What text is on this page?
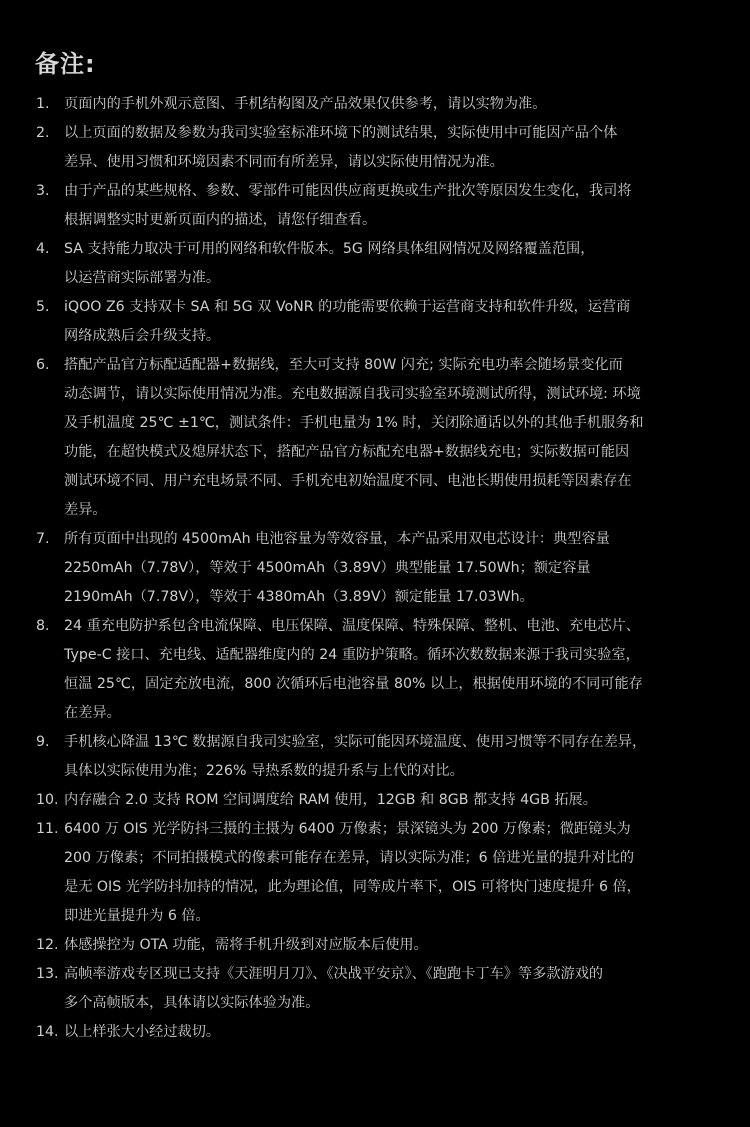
备注:
1.	页面内的手机外观示意图、手机结构图及产品效果仅供参考，请以实物为准。
2.	以上页面的数据及参数为我司实验室标准环境下的测试结果，实际使用中可能因产品个体
差异、使用习惯和环境因素不同而有所差异，请以实际使用情况为准。
3.	由于产品的某些规格、参数、零部件可能因供应商更换或生产批次等原因发生变化，我司将
根据调整实时更新页面内的描述，请您仔细查看。
4.	SA 支持能力取决于可用的网络和软件版本。5G 网络具体组网情况及网络覆盖范围，
以运营商实际部署为准。
5.	iQOO Z6 支持双卡 SA 和 5G 双 VoNR 的功能需要依赖于运营商支持和软件升级，运营商
网络成熟后会升级支持。
6.	搭配产品官方标配适配器+数据线，至大可支持 80W 闪充; 实际充电功率会随场景变化而
动态调节，请以实际使用情况为准。充电数据源自我司实验室环境测试所得，测试环境: 环境
及手机温度 25℃ ±1℃，测试条件：手机电量为 1% 时，关闭除通话以外的其他手机服务和
功能，在超快模式及熄屏状态下，搭配产品官方标配充电器+数据线充电；实际数据可能因
测试环境不同、用户充电场景不同、手机充电初始温度不同、电池长期使用损耗等因素存在
差异。
7.	所有页面中出现的 4500mAh 电池容量为等效容量，本产品采用双电芯设计：典型容量
2250mAh（7.78V），等效于 4500mAh（3.89V）典型能量 17.50Wh；额定容量
2190mAh（7.78V），等效于 4380mAh（3.89V）额定能量 17.03Wh。
8.	24 重充电防护系包含电流保障、电压保障、温度保障、特殊保障、整机、电池、充电芯片、
Type-C 接口、充电线、适配器维度内的 24 重防护策略。循环次数数据来源于我司实验室，
恒温 25℃，固定充放电流，800 次循环后电池容量 80% 以上，根据使用环境的不同可能存
在差异。
9.	手机核心降温 13℃ 数据源自我司实验室，实际可能因环境温度、使用习惯等不同存在差异，
具体以实际使用为准；226% 导热系数的提升系与上代的对比。
10. 内存融合 2.0 支持 ROM 空间调度给 RAM 使用，12GB 和 8GB 都支持 4GB 拓展。
11. 6400 万 OIS 光学防抖三摄的主摄为 6400 万像素；景深镜头为 200 万像素；微距镜头为
200 万像素；不同拍摄模式的像素可能存在差异，请以实际为准；6 倍进光量的提升对比的
是无 OIS 光学防抖加持的情况，此为理论值，同等成片率下，OIS 可将快门速度提升 6 倍，
即进光量提升为 6 倍。
12. 体感操控为 OTA 功能，需将手机升级到对应版本后使用。
13. 高帧率游戏专区现已支持《天涯明月刀》、《决战平安京》、《跑跑卡丁车》等多款游戏的
多个高帧版本，具体请以实际体验为准。
14. 以上样张大小经过裁切。
